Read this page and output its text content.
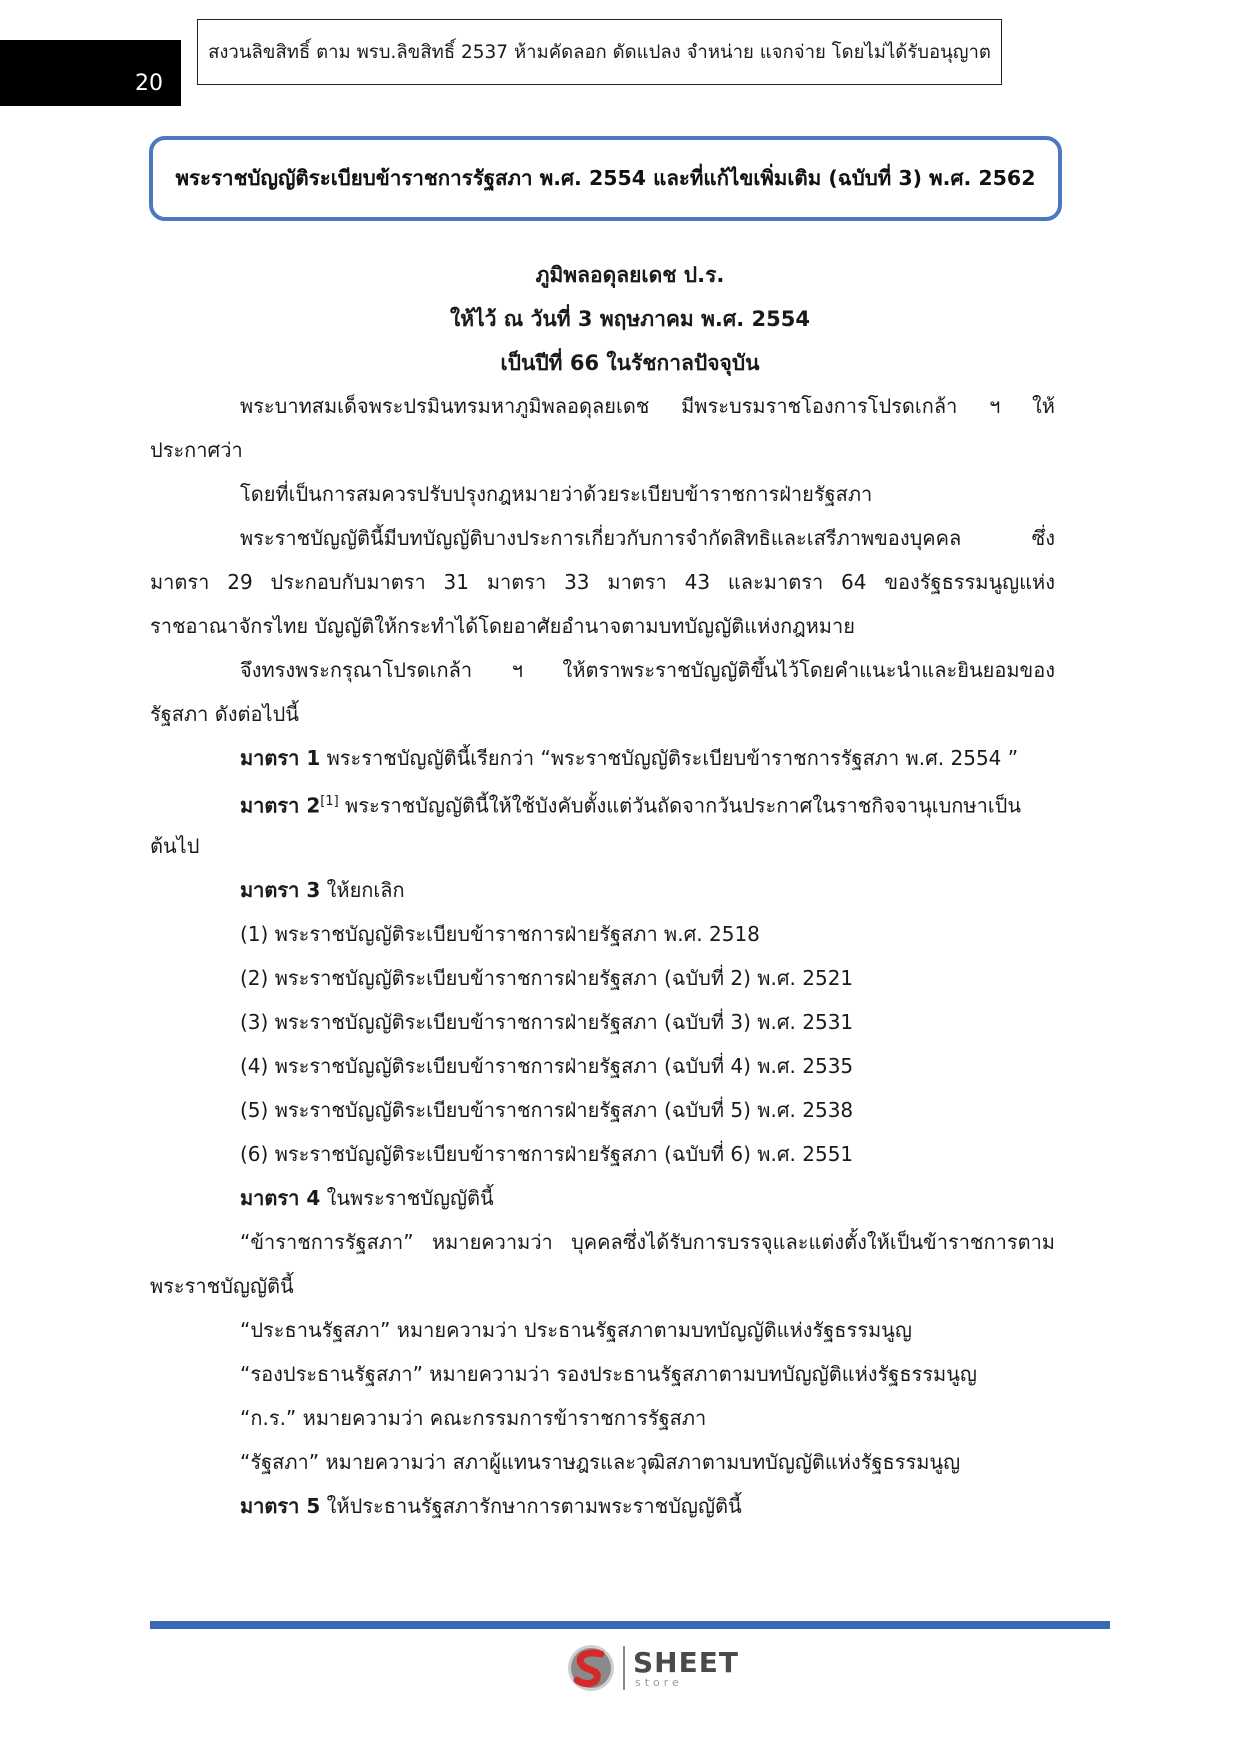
20
สงวนลิขสิทธิ์ ตาม พรบ.ลิขสิทธิ์ 2537 ห้ามคัดลอก ดัดแปลง จำหน่าย แจกจ่าย โดยไม่ได้รับอนุญาต
พระราชบัญญัติระเบียบข้าราชการรัฐสภา พ.ศ. 2554 และที่แก้ไขเพิ่มเติม (ฉบับที่ 3) พ.ศ. 2562
ภูมิพลอดุลยเดช ป.ร.
ให้ไว้ ณ วันที่ 3 พฤษภาคม พ.ศ. 2554
เป็นปีที่ 66 ในรัชกาลปัจจุบัน
พระบาทสมเด็จพระปรมินทรมหาภูมิพลอดุลยเดช มีพระบรมราชโองการโปรดเกล้า ฯ ให้
ประกาศว่า
โดยที่เป็นการสมควรปรับปรุงกฎหมายว่าด้วยระเบียบข้าราชการฝ่ายรัฐสภา
พระราชบัญญัตินี้มีบทบัญญัติบางประการเกี่ยวกับการจำกัดสิทธิและเสรีภาพของบุคคล ซึ่ง
มาตรา 29 ประกอบกับมาตรา 31 มาตรา 33 มาตรา 43 และมาตรา 64 ของรัฐธรรมนูญแห่ง
ราชอาณาจักรไทย บัญญัติให้กระทำได้โดยอาศัยอำนาจตามบทบัญญัติแห่งกฎหมาย
จึงทรงพระกรุณาโปรดเกล้า ฯ ให้ตราพระราชบัญญัติขึ้นไว้โดยคำแนะนำและยินยอมของ
รัฐสภา ดังต่อไปนี้
มาตรา 1 พระราชบัญญัตินี้เรียกว่า “พระราชบัญญัติระเบียบข้าราชการรัฐสภา พ.ศ. 2554 ”
มาตรา 2[1] พระราชบัญญัตินี้ให้ใช้บังคับตั้งแต่วันถัดจากวันประกาศในราชกิจจานุเบกษาเป็น
ต้นไป
มาตรา 3 ให้ยกเลิก
(1) พระราชบัญญัติระเบียบข้าราชการฝ่ายรัฐสภา พ.ศ. 2518
(2) พระราชบัญญัติระเบียบข้าราชการฝ่ายรัฐสภา (ฉบับที่ 2) พ.ศ. 2521
(3) พระราชบัญญัติระเบียบข้าราชการฝ่ายรัฐสภา (ฉบับที่ 3) พ.ศ. 2531
(4) พระราชบัญญัติระเบียบข้าราชการฝ่ายรัฐสภา (ฉบับที่ 4) พ.ศ. 2535
(5) พระราชบัญญัติระเบียบข้าราชการฝ่ายรัฐสภา (ฉบับที่ 5) พ.ศ. 2538
(6) พระราชบัญญัติระเบียบข้าราชการฝ่ายรัฐสภา (ฉบับที่ 6) พ.ศ. 2551
มาตรา 4 ในพระราชบัญญัตินี้
“ข้าราชการรัฐสภา” หมายความว่า บุคคลซึ่งได้รับการบรรจุและแต่งตั้งให้เป็นข้าราชการตาม
พระราชบัญญัตินี้
“ประธานรัฐสภา” หมายความว่า ประธานรัฐสภาตามบทบัญญัติแห่งรัฐธรรมนูญ
“รองประธานรัฐสภา” หมายความว่า รองประธานรัฐสภาตามบทบัญญัติแห่งรัฐธรรมนูญ
“ก.ร.” หมายความว่า คณะกรรมการข้าราชการรัฐสภา
“รัฐสภา” หมายความว่า สภาผู้แทนราษฎรและวุฒิสภาตามบทบัญญัติแห่งรัฐธรรมนูญ
มาตรา 5 ให้ประธานรัฐสภารักษาการตามพระราชบัญญัตินี้
SHEET
store
